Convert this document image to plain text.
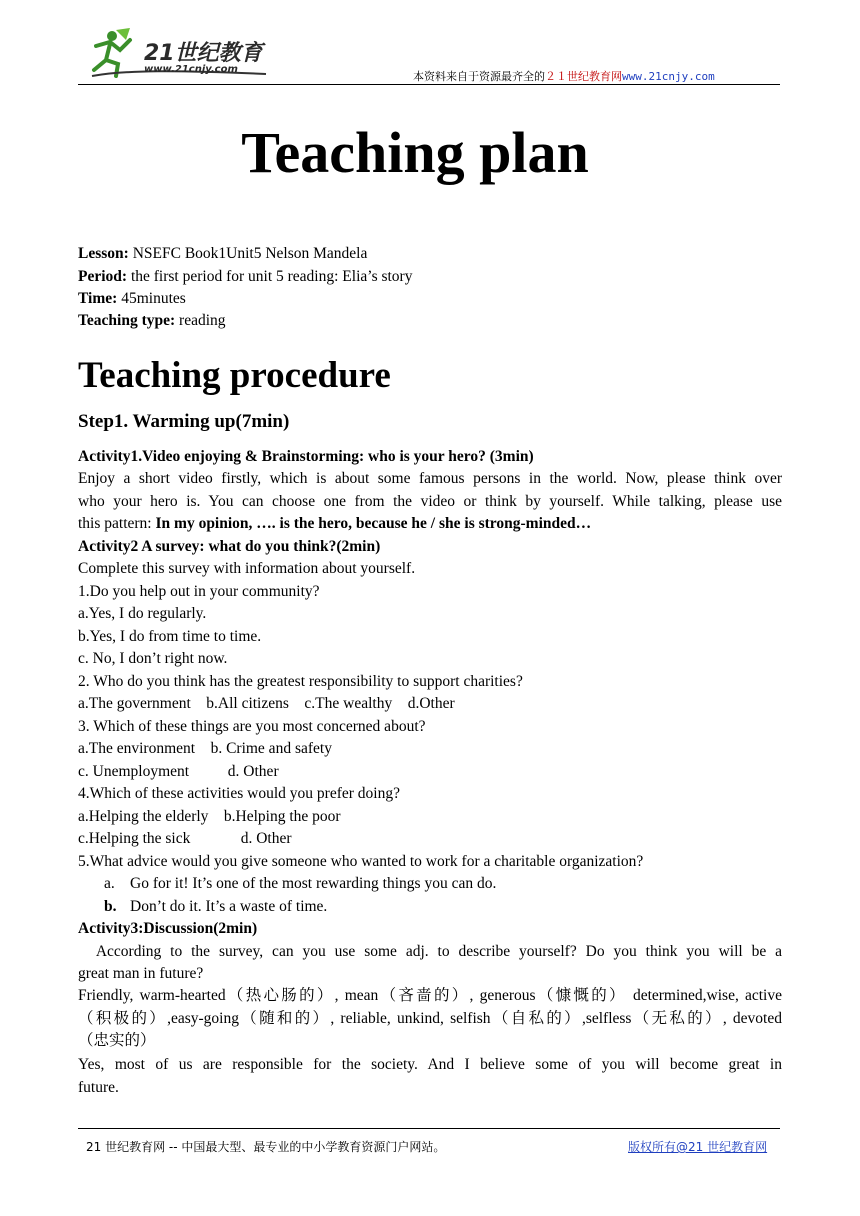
21世纪教育
www.21cnjy.com
本资料来自于资源最齐全的２１世纪教育网www.21cnjy.com
Teaching plan
Lesson: NSEFC Book1Unit5 Nelson Mandela
Period: the first period for unit 5 reading: Elia’s story
Time: 45minutes
Teaching type: reading
Teaching procedure
Step1. Warming up(7min)
Activity1.Video enjoying & Brainstorming: who is your hero? (3min)
Enjoy a short video firstly, which is about some famous persons in the world. Now, please think over
who your hero is. You can choose one from the video or think by yourself. While talking, please use
this pattern: In my opinion, …. is the hero, because he / she is strong-minded…
Activity2 A survey: what do you think?(2min)
Complete this survey with information about yourself.
1.Do you help out in your community?
a.Yes, I do regularly.
b.Yes, I do from time to time.
c. No, I don’t right now.
2. Who do you think has the greatest responsibility to support charities?
a.The government    b.All citizens    c.The wealthy    d.Other
3. Which of these things are you most concerned about?
a.The environment    b. Crime and safety
c. Unemployment          d. Other
4.Which of these activities would you prefer doing?
a.Helping the elderly    b.Helping the poor
c.Helping the sick             d. Other
5.What advice would you give someone who wanted to work for a charitable organization?
a. Go for it! It’s one of the most rewarding things you can do.
b. Don’t do it. It’s a waste of time.
Activity3:Discussion(2min)
According to the survey, can you use some adj. to describe yourself? Do you think you will be a
great man in future?
Friendly, warm-hearted（热心肠的）, mean（吝啬的）, generous（慷慨的） determined,wise, active
（积极的）,easy-going（随和的）, reliable, unkind, selfish（自私的）,selfless（无私的）, devoted
（忠实的）
Yes, most of us are responsible for the society. And I believe some of you will become great in
future.
21 世纪教育网 -- 中国最大型、最专业的中小学教育资源门户网站。	版权所有@21 世纪教育网
